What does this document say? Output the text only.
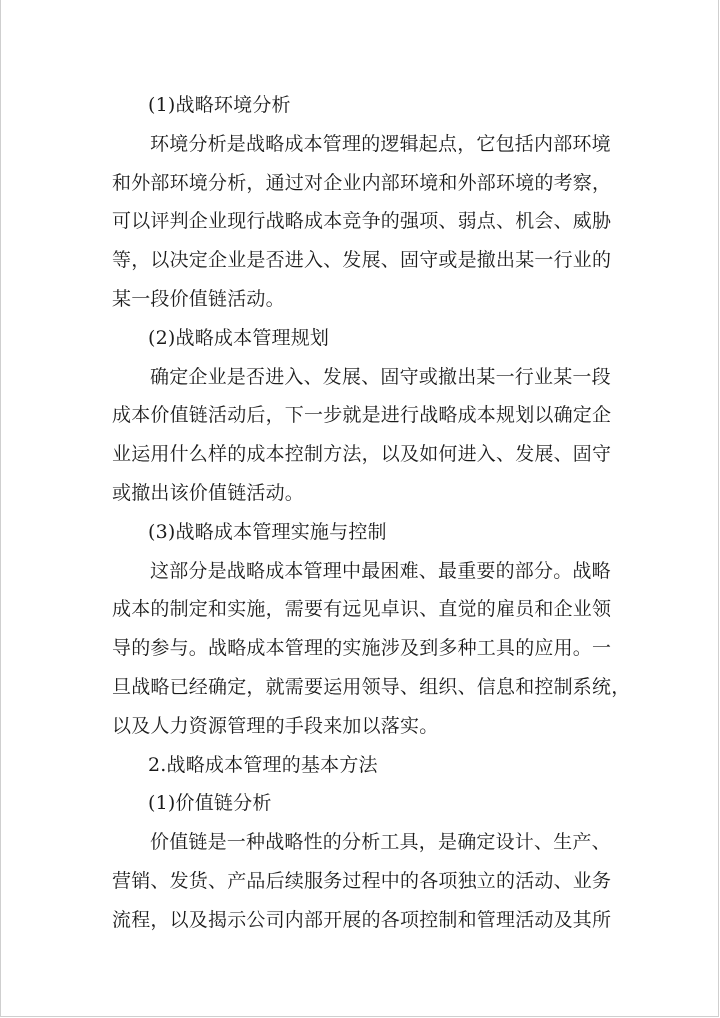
(1)战略环境分析

环境分析是战略成本管理的逻辑起点，它包括内部环境

和外部环境分析，通过对企业内部环境和外部环境的考察，

可以评判企业现行战略成本竞争的强项、弱点、机会、威胁

等，以决定企业是否进入、发展、固守或是撤出某一行业的

某一段价值链活动。

(2)战略成本管理规划

确定企业是否进入、发展、固守或撤出某一行业某一段

成本价值链活动后，下一步就是进行战略成本规划以确定企

业运用什么样的成本控制方法，以及如何进入、发展、固守

或撤出该价值链活动。

(3)战略成本管理实施与控制

这部分是战略成本管理中最困难、最重要的部分。战略

成本的制定和实施，需要有远见卓识、直觉的雇员和企业领

导的参与。战略成本管理的实施涉及到多种工具的应用。一

旦战略已经确定，就需要运用领导、组织、信息和控制系统，

以及人力资源管理的手段来加以落实。

2.战略成本管理的基本方法

(1)价值链分析

价值链是一种战略性的分析工具，是确定设计、生产、

营销、发货、产品后续服务过程中的各项独立的活动、业务

流程，以及揭示公司内部开展的各项控制和管理活动及其所
